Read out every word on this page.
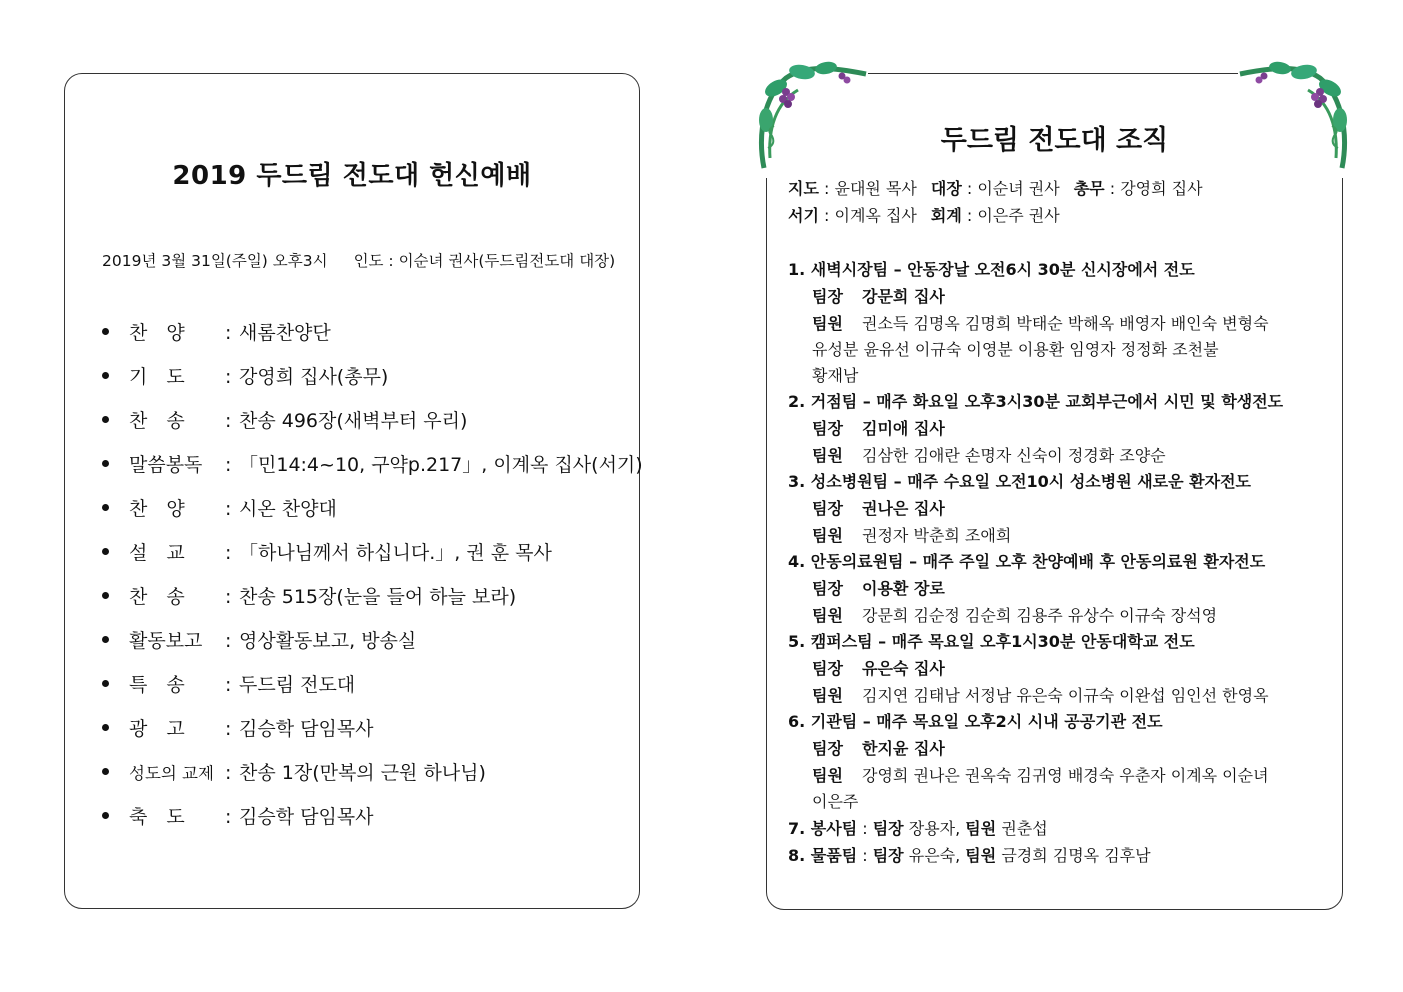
2019 두드림 전도대 헌신예배
2019년 3월 31일(주일) 오후3시 인도 : 이순녀 권사(두드림전도대 대장)
찬　양 : 새롬찬양단
기　도 : 강영희 집사(총무)
찬　송 : 찬송 496장(새벽부터 우리)
말씀봉독 : 「민14:4~10, 구약p.217」, 이계옥 집사(서기)
찬　양 : 시온 찬양대
설　교 : 「하나님께서 하십니다.」, 권 훈 목사
찬　송 : 찬송 515장(눈을 들어 하늘 보라)
활동보고 : 영상활동보고, 방송실
특　송 : 두드림 전도대
광　고 : 김승학 담임목사
성도의 교제 : 찬송 1장(만복의 근원 하나님)
축　도 : 김승학 담임목사
두드림 전도대 조직
지도 : 윤대원 목사 대장 : 이순녀 권사 총무 : 강영희 집사
서기 : 이계옥 집사 회계 : 이은주 권사
1. 새벽시장팀 – 안동장날 오전6시 30분 신시장에서 전도
팀장 강문희 집사
팀원 권소득 김명옥 김명희 박태순 박해옥 배영자 배인숙 변형숙
유성분 윤유선 이규숙 이영분 이용환 임영자 정정화 조천불
황재남
2. 거점팀 – 매주 화요일 오후3시30분 교회부근에서 시민 및 학생전도
팀장 김미애 집사
팀원 김삼한 김애란 손명자 신숙이 정경화 조양순
3. 성소병원팀 – 매주 수요일 오전10시 성소병원 새로운 환자전도
팀장 권나은 집사
팀원 권정자 박춘희 조애희
4. 안동의료원팀 – 매주 주일 오후 찬양예배 후 안동의료원 환자전도
팀장 이용환 장로
팀원 강문희 김순정 김순희 김용주 유상수 이규숙 장석영
5. 캠퍼스팀 – 매주 목요일 오후1시30분 안동대학교 전도
팀장 유은숙 집사
팀원 김지연 김태남 서정남 유은숙 이규숙 이완섭 임인선 한영옥
6. 기관팀 – 매주 목요일 오후2시 시내 공공기관 전도
팀장 한지윤 집사
팀원 강영희 권나은 권옥숙 김귀영 배경숙 우춘자 이계옥 이순녀
이은주
7. 봉사팀 : 팀장 장용자, 팀원 권춘섭
8. 물품팀 : 팀장 유은숙, 팀원 금경희 김명옥 김후남
